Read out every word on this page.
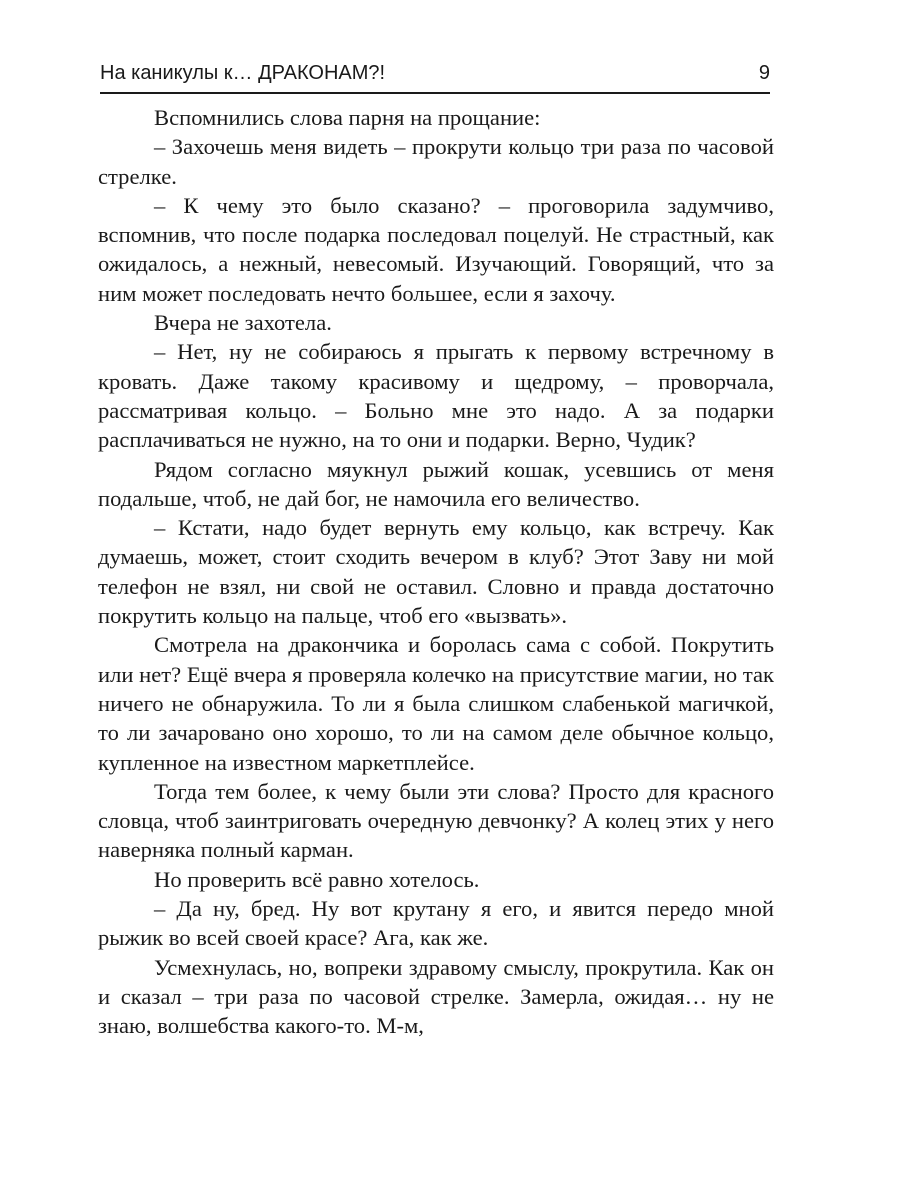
На каникулы к… ДРАКОНАМ?!	9

Вспомнились слова парня на прощание:

– Захочешь меня видеть – прокрути кольцо три раза по часовой стрелке.

– К чему это было сказано? – проговорила задумчиво, вспомнив, что после подарка последовал поцелуй. Не страстный, как ожидалось, а нежный, невесомый. Изучающий. Говорящий, что за ним может последовать нечто большее, если я захочу.

Вчера не захотела.

– Нет, ну не собираюсь я прыгать к первому встречному в кровать. Даже такому красивому и щедрому, – проворчала, рассматривая кольцо. – Больно мне это надо. А за подарки расплачиваться не нужно, на то они и подарки. Верно, Чудик?

Рядом согласно мяукнул рыжий кошак, усевшись от меня подальше, чтоб, не дай бог, не намочила его величество.

– Кстати, надо будет вернуть ему кольцо, как встречу. Как думаешь, может, стоит сходить вечером в клуб? Этот Заву ни мой телефон не взял, ни свой не оставил. Словно и правда достаточно покрутить кольцо на пальце, чтоб его «вызвать».

Смотрела на дракончика и боролась сама с собой. Покрутить или нет? Ещё вчера я проверяла колечко на присутствие магии, но так ничего не обнаружила. То ли я была слишком слабенькой магичкой, то ли зачаровано оно хорошо, то ли на самом деле обычное кольцо, купленное на известном маркетплейсе.

Тогда тем более, к чему были эти слова? Просто для красного словца, чтоб заинтриговать очередную девчонку? А колец этих у него наверняка полный карман.

Но проверить всё равно хотелось.

– Да ну, бред. Ну вот крутану я его, и явится передо мной рыжик во всей своей красе? Ага, как же.

Усмехнулась, но, вопреки здравому смыслу, прокрутила. Как он и сказал – три раза по часовой стрелке. Замерла, ожидая… ну не знаю, волшебства какого-то. М-м,
